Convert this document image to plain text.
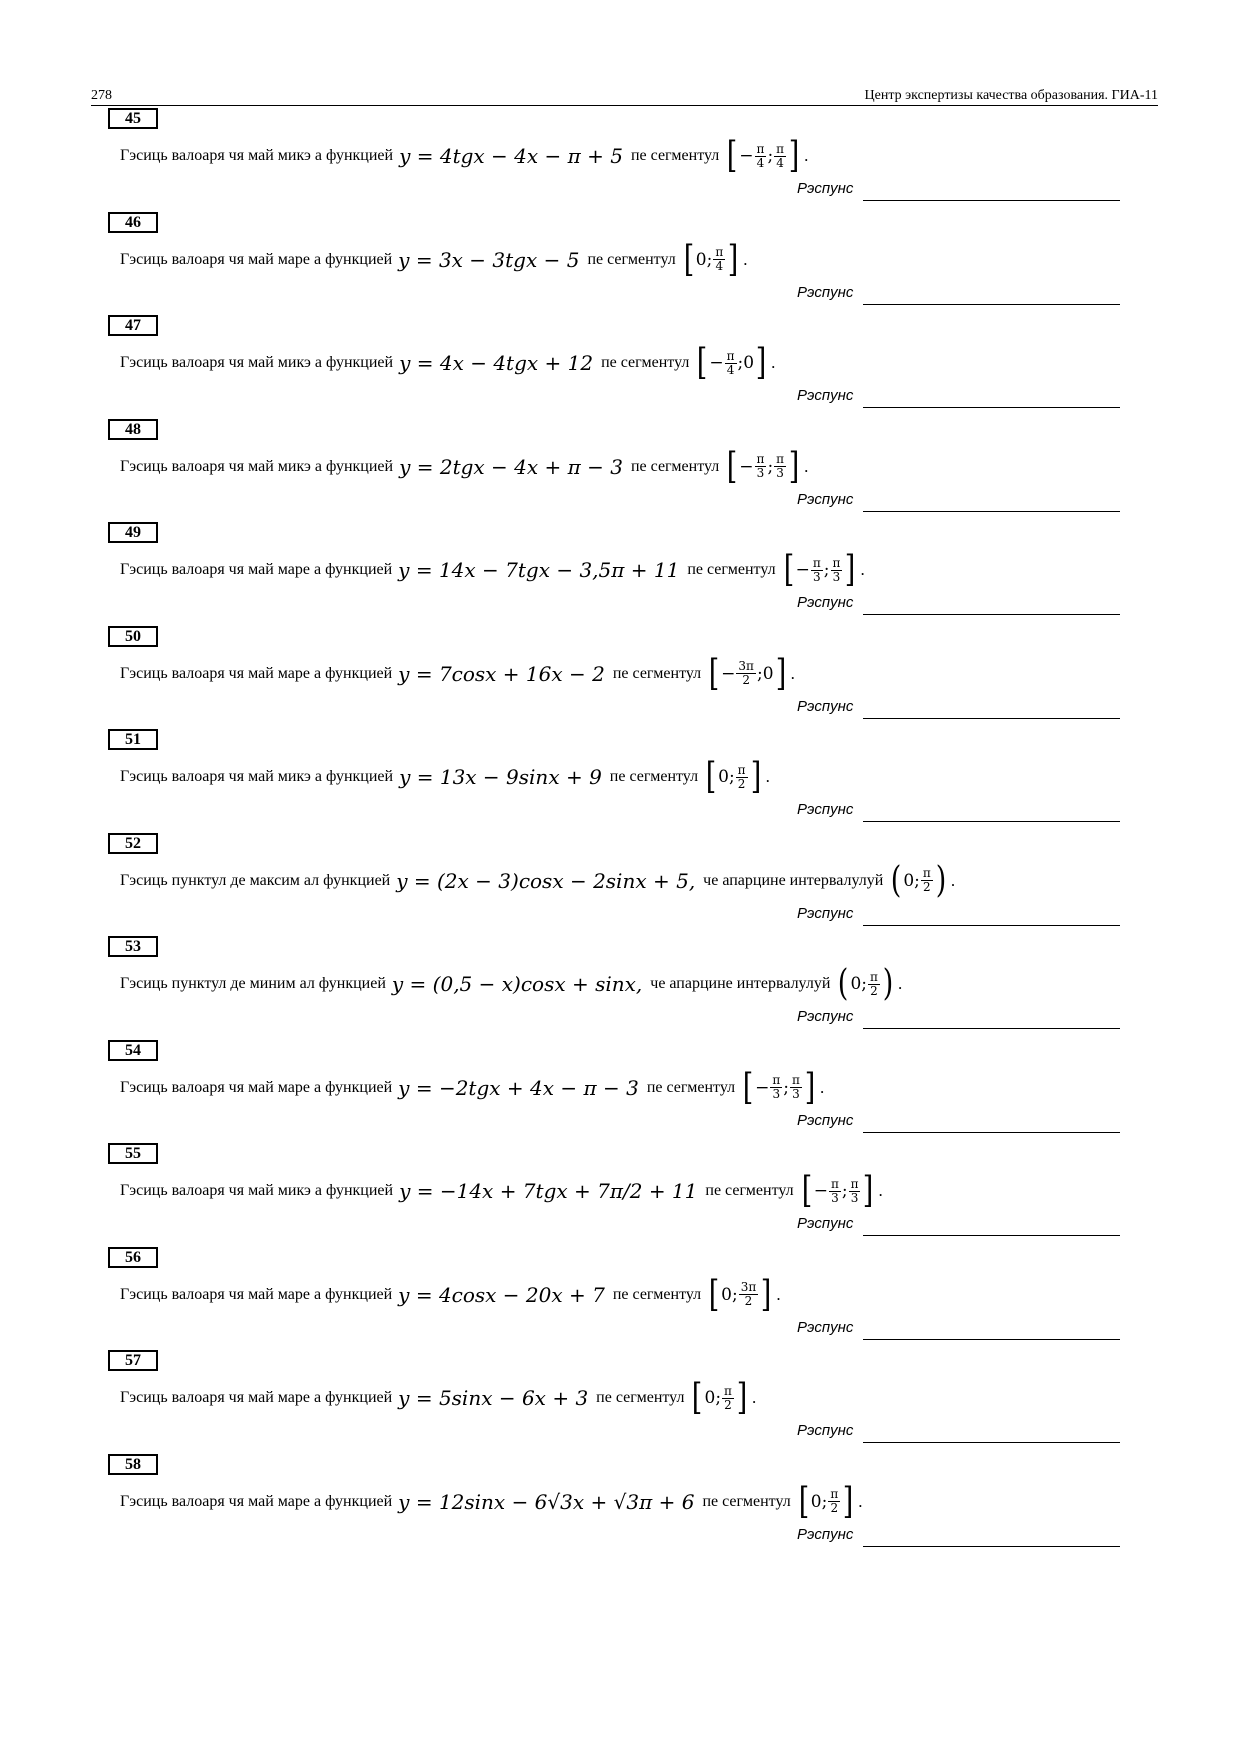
278	Центр экспертизы качества образования. ГИА-11
45
Гэсиць валоаря чя май микэ а функцией y = 4tgx − 4x − π + 5 пе сегментул [ − $\frac{\pi}{4}$ ; $\frac{\pi}{4}$ ] .
Рэспунс
46
Гэсиць валоаря чя май маре а функцией y = 3x − 3tgx − 5 пе сегментул [ 0 ; $\frac{\pi}{4}$ ] .
Рэспунс
47
Гэсиць валоаря чя май микэ а функцией y = 4x − 4tgx + 12 пе сегментул [ − $\frac{\pi}{4}$ ; 0 ] .
Рэспунс
48
Гэсиць валоаря чя май микэ а функцией y = 2tgx − 4x + π − 3 пе сегментул [ − $\frac{\pi}{3}$ ; $\frac{\pi}{3}$ ] .
Рэспунс
49
Гэсиць валоаря чя май маре а функцией y = 14x − 7tgx − 3,5π + 11 пе сегментул [ − $\frac{\pi}{3}$ ; $\frac{\pi}{3}$ ] .
Рэспунс
50
Гэсиць валоаря чя май маре а функцией y = 7cosx + 16x − 2 пе сегментул [ − $\frac{3\pi}{2}$ ; 0 ] .
Рэспунс
51
Гэсиць валоаря чя май микэ а функцией y = 13x − 9sinx + 9 пе сегментул [ 0 ; $\frac{\pi}{2}$ ] .
Рэспунс
52
Гэсиць пунктул де максим ал функцией y = (2x − 3)cosx − 2sinx + 5, че апарцине интервалулуй ( 0 ; $\frac{\pi}{2}$ ) .
Рэспунс
53
Гэсиць пунктул де миним ал функцией y = (0,5 − x)cosx + sinx, че апарцине интервалулуй ( 0 ; $\frac{\pi}{2}$ ) .
Рэспунс
54
Гэсиць валоаря чя май маре а функцией y = −2tgx + 4x − π − 3 пе сегментул [ − $\frac{\pi}{3}$ ; $\frac{\pi}{3}$ ] .
Рэспунс
55
Гэсиць валоаря чя май микэ а функцией y = −14x + 7tgx + 7π/2 + 11 пе сегментул [ − $\frac{\pi}{3}$ ; $\frac{\pi}{3}$ ] .
Рэспунс
56
Гэсиць валоаря чя май маре а функцией y = 4cosx − 20x + 7 пе сегментул [ 0 ; $\frac{3\pi}{2}$ ] .
Рэспунс
57
Гэсиць валоаря чя май маре а функцией y = 5sinx − 6x + 3 пе сегментул [ 0 ; $\frac{\pi}{2}$ ] .
Рэспунс
58
Гэсиць валоаря чя май маре а функцией y = 12sinx − 6√3x + √3π + 6 пе сегментул [ 0 ; $\frac{\pi}{2}$ ] .
Рэспунс
